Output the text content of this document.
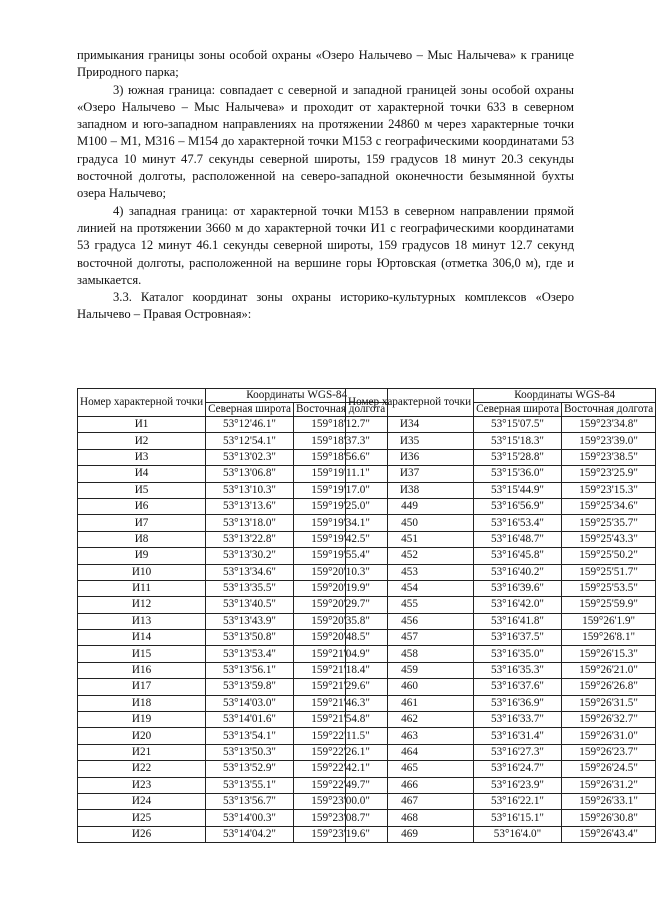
примыкания границы зоны особой охраны «Озеро Налычево – Мыс Налычева» к границе Природного парка;

3) южная граница: совпадает с северной и западной границей зоны особой охраны «Озеро Налычево – Мыс Налычева» и проходит от характерной точки 633 в северном западном и юго-западном направлениях на протяжении 24860 м через характерные точки M100 – M1, M316 – M154 до характерной точки M153 с географическими координатами 53 градуса 10 минут 47.7 секунды северной широты, 159 градусов 18 минут 20.3 секунды восточной долготы, расположенной на северо-западной оконечности безымянной бухты озера Налычево;

4) западная граница: от характерной точки M153 в северном направлении прямой линией на протяжении 3660 м до характерной точки И1 с географическими координатами 53 градуса 12 минут 46.1 секунды северной широты, 159 градусов 18 минут 12.7 секунд восточной долготы, расположенной на вершине горы Юртовская (отметка 306,0 м), где и замыкается.

3.3. Каталог координат зоны охраны историко-культурных комплексов «Озеро Налычево – Правая Островная»:

Номер характерной точки	Координаты WGS-84	
	Северная широта	Восточная долгота
И1	53°12'46.1"	159°18'12.7"
И2	53°12'54.1"	159°18'37.3"
И3	53°13'02.3"	159°18'56.6"
И4	53°13'06.8"	159°19'11.1"
И5	53°13'10.3"	159°19'17.0"
И6	53°13'13.6"	159°19'25.0"
И7	53°13'18.0"	159°19'34.1"
И8	53°13'22.8"	159°19'42.5"
И9	53°13'30.2"	159°19'55.4"
И10	53°13'34.6"	159°20'10.3"
И11	53°13'35.5"	159°20'19.9"
И12	53°13'40.5"	159°20'29.7"
И13	53°13'43.9"	159°20'35.8"
И14	53°13'50.8"	159°20'48.5"
И15	53°13'53.4"	159°21'04.9"
И16	53°13'56.1"	159°21'18.4"
И17	53°13'59.8"	159°21'29.6"
И18	53°14'03.0"	159°21'46.3"
И19	53°14'01.6"	159°21'54.8"
И20	53°13'54.1"	159°22'11.5"
И21	53°13'50.3"	159°22'26.1"
И22	53°13'52.9"	159°22'42.1"
И23	53°13'55.1"	159°22'49.7"
И24	53°13'56.7"	159°23'00.0"
И25	53°14'00.3"	159°23'08.7"
И26	53°14'04.2"	159°23'19.6"
Номер характерной точки	Координаты WGS-84	
	Северная широта	Восточная долгота
И34	53°15'07.5"	159°23'34.8"
И35	53°15'18.3"	159°23'39.0"
И36	53°15'28.8"	159°23'38.5"
И37	53°15'36.0"	159°23'25.9"
И38	53°15'44.9"	159°23'15.3"
449	53°16'56.9"	159°25'34.6"
450	53°16'53.4"	159°25'35.7"
451	53°16'48.7"	159°25'43.3"
452	53°16'45.8"	159°25'50.2"
453	53°16'40.2"	159°25'51.7"
454	53°16'39.6"	159°25'53.5"
455	53°16'42.0"	159°25'59.9"
456	53°16'41.8"	159°26'1.9"
457	53°16'37.5"	159°26'8.1"
458	53°16'35.0"	159°26'15.3"
459	53°16'35.3"	159°26'21.0"
460	53°16'37.6"	159°26'26.8"
461	53°16'36.9"	159°26'31.5"
462	53°16'33.7"	159°26'32.7"
463	53°16'31.4"	159°26'31.0"
464	53°16'27.3"	159°26'23.7"
465	53°16'24.7"	159°26'24.5"
466	53°16'23.9"	159°26'31.2"
467	53°16'22.1"	159°26'33.1"
468	53°16'15.1"	159°26'30.8"
469	53°16'4.0"	159°26'43.4"
